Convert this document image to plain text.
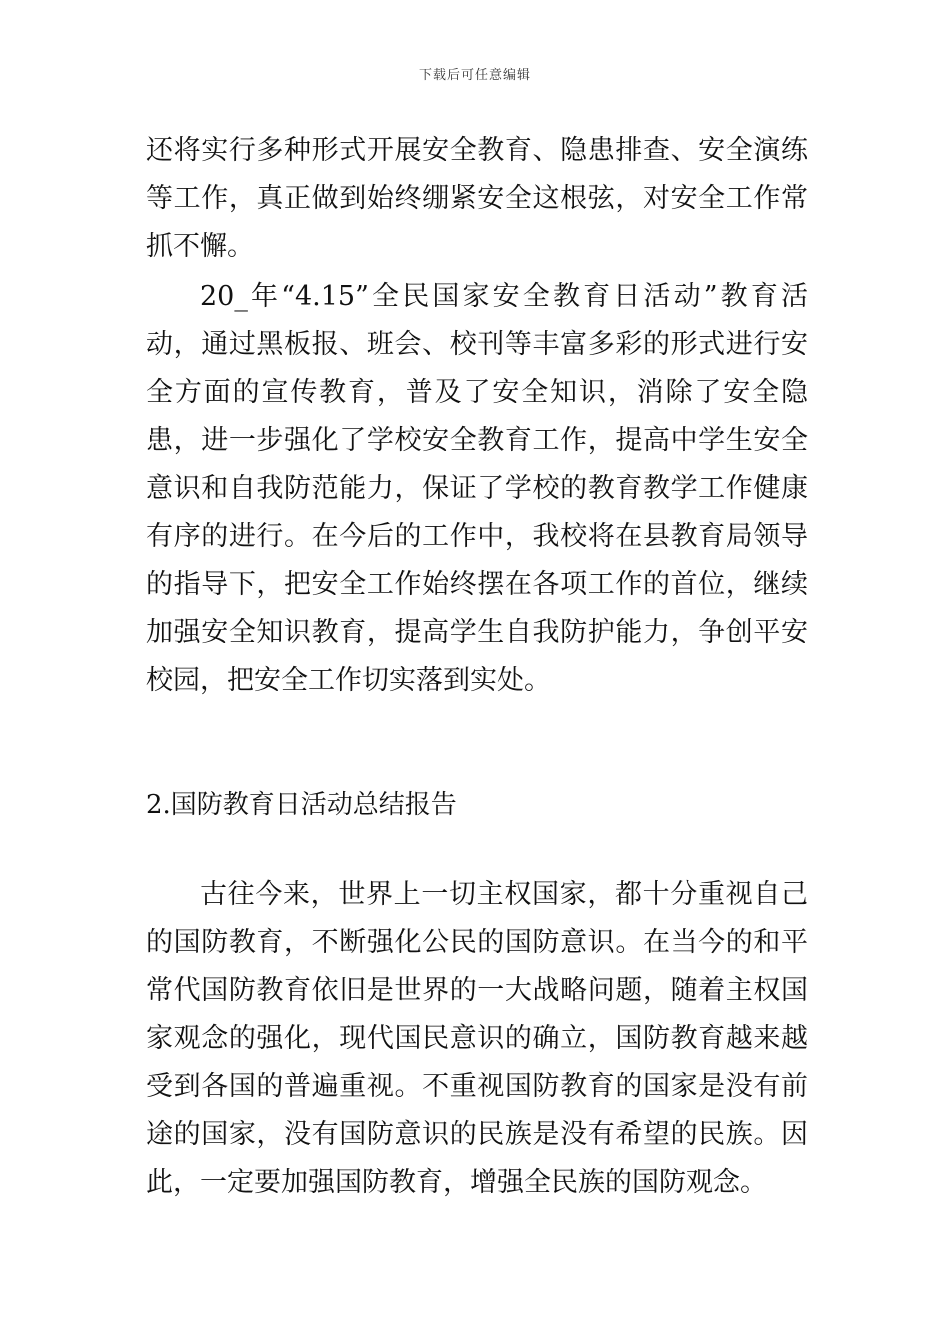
下载后可任意编辑

还将实行多种形式开展安全教育、隐患排查、安全演练等工作，真正做到始终绷紧安全这根弦，对安全工作常抓不懈。

20_年“4.15”全民国家安全教育日活动”教育活动，通过黑板报、班会、校刊等丰富多彩的形式进行安全方面的宣传教育，普及了安全知识，消除了安全隐患，进一步强化了学校安全教育工作，提高中学生安全意识和自我防范能力，保证了学校的教育教学工作健康有序的进行。在今后的工作中，我校将在县教育局领导的指导下，把安全工作始终摆在各项工作的首位，继续加强安全知识教育，提高学生自我防护能力，争创平安校园，把安全工作切实落到实处。

2.国防教育日活动总结报告

古往今来，世界上一切主权国家，都十分重视自己的国防教育，不断强化公民的国防意识。在当今的和平常代国防教育依旧是世界的一大战略问题，随着主权国家观念的强化，现代国民意识的确立，国防教育越来越受到各国的普遍重视。不重视国防教育的国家是没有前途的国家，没有国防意识的民族是没有希望的民族。因此，一定要加强国防教育，增强全民族的国防观念。
